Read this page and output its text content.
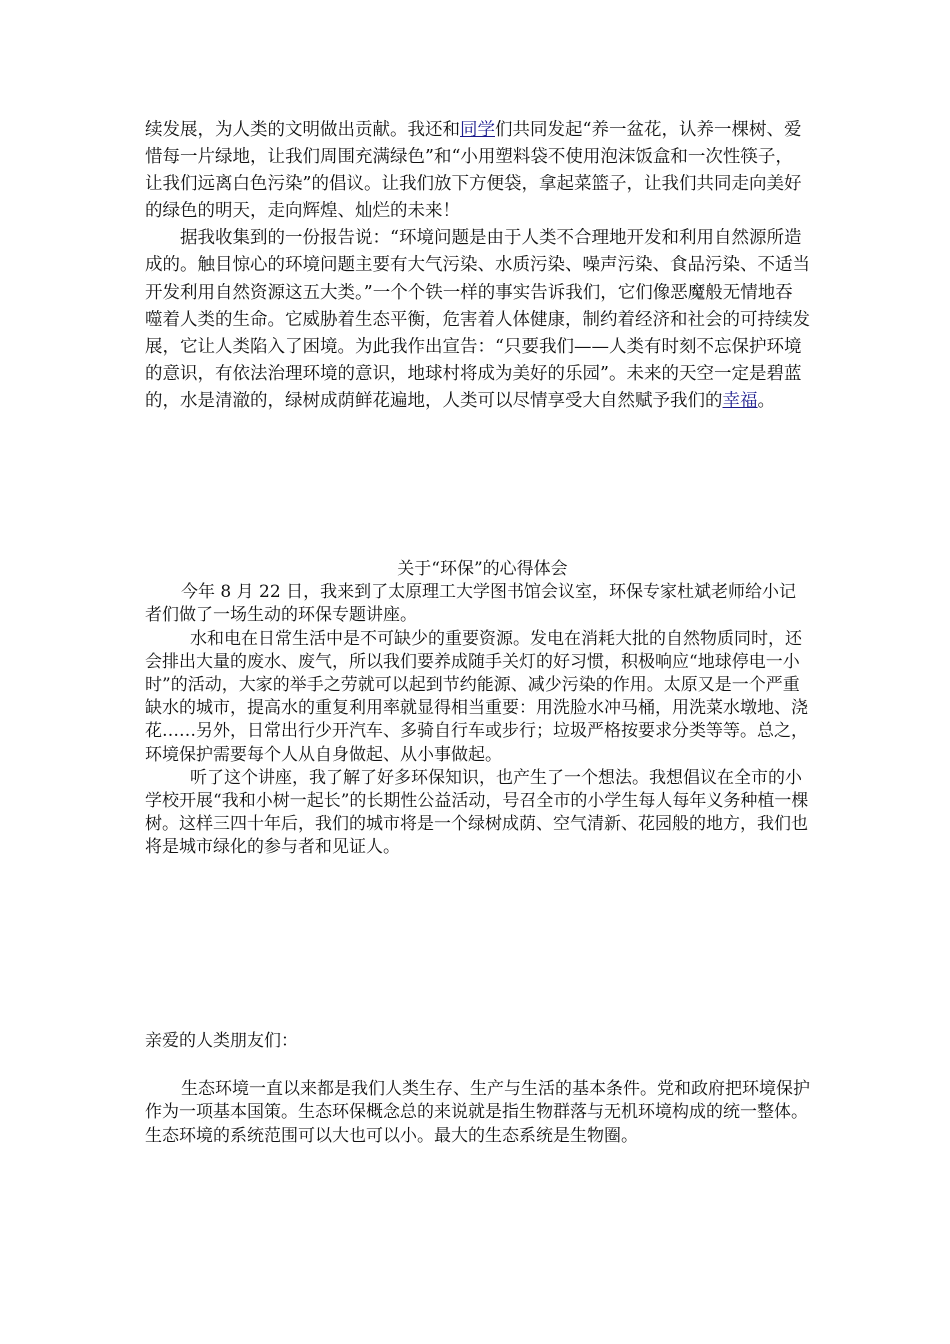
续发展，为人类的文明做出贡献。我还和同学们共同发起“养一盆花，认养一棵树、爱惜每一片绿地，让我们周围充满绿色”和“小用塑料袋不使用泡沫饭盒和一次性筷子，让我们远离白色污染”的倡议。让我们放下方便袋，拿起菜篮子，让我们共同走向美好的绿色的明天，走向辉煌、灿烂的未来！

据我收集到的一份报告说：“环境问题是由于人类不合理地开发和利用自然源所造成的。触目惊心的环境问题主要有大气污染、水质污染、噪声污染、食品污染、不适当开发利用自然资源这五大类。”一个个铁一样的事实告诉我们，它们像恶魔般无情地吞噬着人类的生命。它威胁着生态平衡，危害着人体健康，制约着经济和社会的可持续发展，它让人类陷入了困境。为此我作出宣告：“只要我们——人类有时刻不忘保护环境的意识，有依法治理环境的意识，地球村将成为美好的乐园”。未来的天空一定是碧蓝的，水是清澈的，绿树成荫鲜花遍地，人类可以尽情享受大自然赋予我们的幸福。

关于“环保”的心得体会

今年 8 月 22 日，我来到了太原理工大学图书馆会议室，环保专家杜斌老师给小记者们做了一场生动的环保专题讲座。

水和电在日常生活中是不可缺少的重要资源。发电在消耗大批的自然物质同时，还会排出大量的废水、废气，所以我们要养成随手关灯的好习惯，积极响应“地球停电一小时”的活动，大家的举手之劳就可以起到节约能源、减少污染的作用。太原又是一个严重缺水的城市，提高水的重复利用率就显得相当重要：用洗脸水冲马桶，用洗菜水墩地、浇花……另外，日常出行少开汽车、多骑自行车或步行；垃圾严格按要求分类等等。总之，环境保护需要每个人从自身做起、从小事做起。

听了这个讲座，我了解了好多环保知识，也产生了一个想法。我想倡议在全市的小学校开展“我和小树一起长”的长期性公益活动，号召全市的小学生每人每年义务种植一棵树。这样三四十年后，我们的城市将是一个绿树成荫、空气清新、花园般的地方，我们也将是城市绿化的参与者和见证人。

亲爱的人类朋友们：

生态环境一直以来都是我们人类生存、生产与生活的基本条件。党和政府把环境保护作为一项基本国策。生态环保概念总的来说就是指生物群落与无机环境构成的统一整体。生态环境的系统范围可以大也可以小。最大的生态系统是生物圈。
